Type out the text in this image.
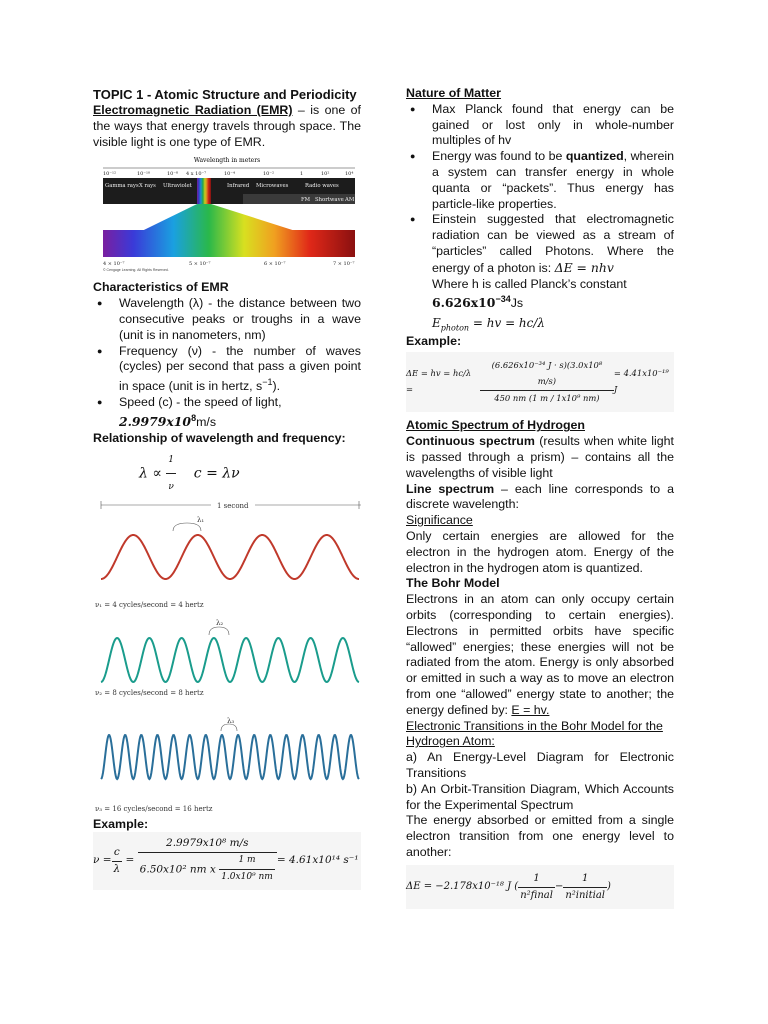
TOPIC 1 - Atomic Structure and Periodicity
Electromagnetic Radiation (EMR) – is one of the ways that energy travels through space. The visible light is one type of EMR.
Wavelength in meters
10⁻¹²	10⁻¹⁰	10⁻⁸ 4 x 10⁻⁷	10⁻⁴	10⁻²	1	10²	10⁴
Gamma rays X rays Ultraviolet	Infrared Microwaves	Radio waves
FM Shortwave AM
4 × 10⁻⁷	5 × 10⁻⁷	6 × 10⁻⁷	7 × 10⁻⁷
© Cengage Learning. All Rights Reserved.
Characteristics of EMR
● Wavelength (λ) - the distance between two consecutive peaks or troughs in a wave (unit is in nanometers, nm)
● Frequency (ν) - the number of waves (cycles) per second that pass a given point in space (unit is in hertz, $s^{-1}$).
● Speed (c) - the speed of light,
$2.9979x10^8m/s$
Relationship of wavelength and frequency:
$\lambda \propto \frac{1}{\nu}$ c = λν
1 second
λ₁
ν₁ = 4 cycles/second = 4 hertz
λ₂
ν₂ = 8 cycles/second = 8 hertz
λ₃
ν₃ = 16 cycles/second = 16 hertz
Example:
$\nu = \frac{c}{\lambda} = \frac{\text{2.9979x10⁸ m/s}}{6.50x10^2 nm x \frac{1 m}{\text{1.0x10⁹ nm}}} = 4.61x10^{14}$ s⁻¹
Nature of Matter
● Max Planck found that energy can be gained or lost only in whole-number multiples of hv
● Energy was found to be quantized, wherein a system can transfer energy in whole quanta or “packets”. Thus energy has particle-like properties.
● Einstein suggested that electromagnetic radiation can be viewed as a stream of “particles” called Photons. Where the energy of a photon is: ΔE = nhv
Where h is called Planck’s constant
$6.626x10^{-34}Js$
$E_{photon}$ = hv = hc/λ
Example:
ΔE = hv = hc/λ =	$\frac{\text{(6.626x10⁻³⁴ J · s)(3.0x10⁸ m/s)}}{\text{450 nm (1 m / 1x10⁹ nm)}} = 4.41x10^{-19}$ J
Atomic Spectrum of Hydrogen
Continuous spectrum (results when white light is passed through a prism) – contains all the wavelengths of visible light
Line spectrum – each line corresponds to a discrete wavelength:
Significance
Only certain energies are allowed for the electron in the hydrogen atom. Energy of the electron in the hydrogen atom is quantized.
The Bohr Model
Electrons in an atom can only occupy certain orbits (corresponding to certain energies). Electrons in permitted orbits have specific “allowed” energies; these energies will not be radiated from the atom. Energy is only absorbed or emitted in such a way as to move an electron from one “allowed” energy state to another; the energy defined by: E = hv.
Electronic Transitions in the Bohr Model for the Hydrogen Atom:
a) An Energy-Level Diagram for Electronic Transitions
b) An Orbit-Transition Diagram, Which Accounts for the Experimental Spectrum
The energy absorbed or emitted from a single electron transition from one energy level to another:
ΔE = −2.178x10⁻¹⁸ J ( $\frac{1}{\text{n²final}} - \frac{1}{\text{n²initial}}$ )
